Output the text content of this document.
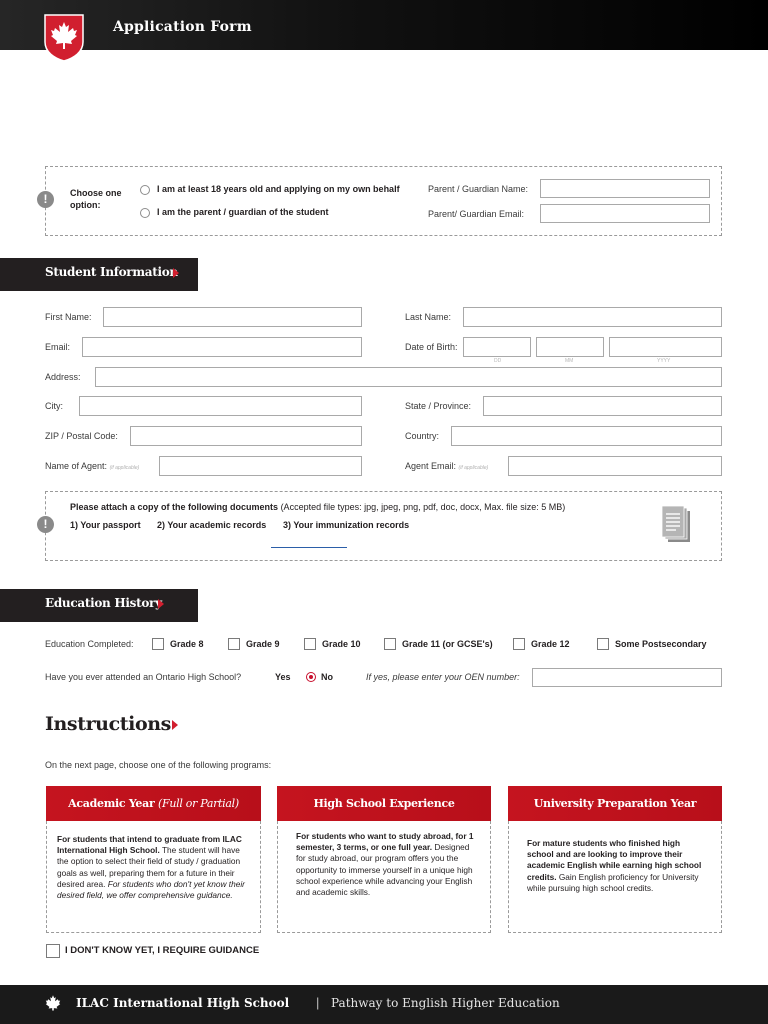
Application Form
!	Choose one option:
I am at least 18 years old and applying on my own behalf
I am the parent / guardian of the student
Parent / Guardian Name:
Parent/ Guardian Email:
Student Information
First Name:	Last Name:
Email:	Date of Birth:
DD	MM	YYYY
Address:
City:	State / Province:
ZIP / Postal Code:	Country:
Name of Agent: (if applicable)	Agent Email: (if applicable)
!
Please attach a copy of the following documents (Accepted file types: jpg, jpeg, png, pdf, doc, docx, Max. file size: 5 MB)
1) Your passport 2) Your academic records 3) Your immunization records
Education History
Education Completed:	Grade 8	Grade 9	Grade 10	Grade 11 (or GCSE's)	Grade 12	Some Postsecondary
Have you ever attended an Ontario High School?	Yes	No	If yes, please enter your OEN number:
Instructions
On the next page, choose one of the following programs:
Academic Year (Full or Partial)
For students that intend to graduate from ILAC International High School. The student will have the option to select their field of study / graduation goals as well, preparing them for a future in their desired area. For students who don't yet know their desired field, we offer comprehensive guidance.
High School Experience
For students who want to study abroad, for 1 semester, 3 terms, or one full year. Designed for study abroad, our program offers you the opportunity to immerse yourself in a unique high school experience while advancing your English and academic skills.
University Preparation Year
For mature students who finished high school and are looking to improve their academic English while earning high school credits. Gain English proficiency for University while pursuing high school credits.
I DON'T KNOW YET, I REQUIRE GUIDANCE
ILAC International High School | Pathway to English Higher Education
